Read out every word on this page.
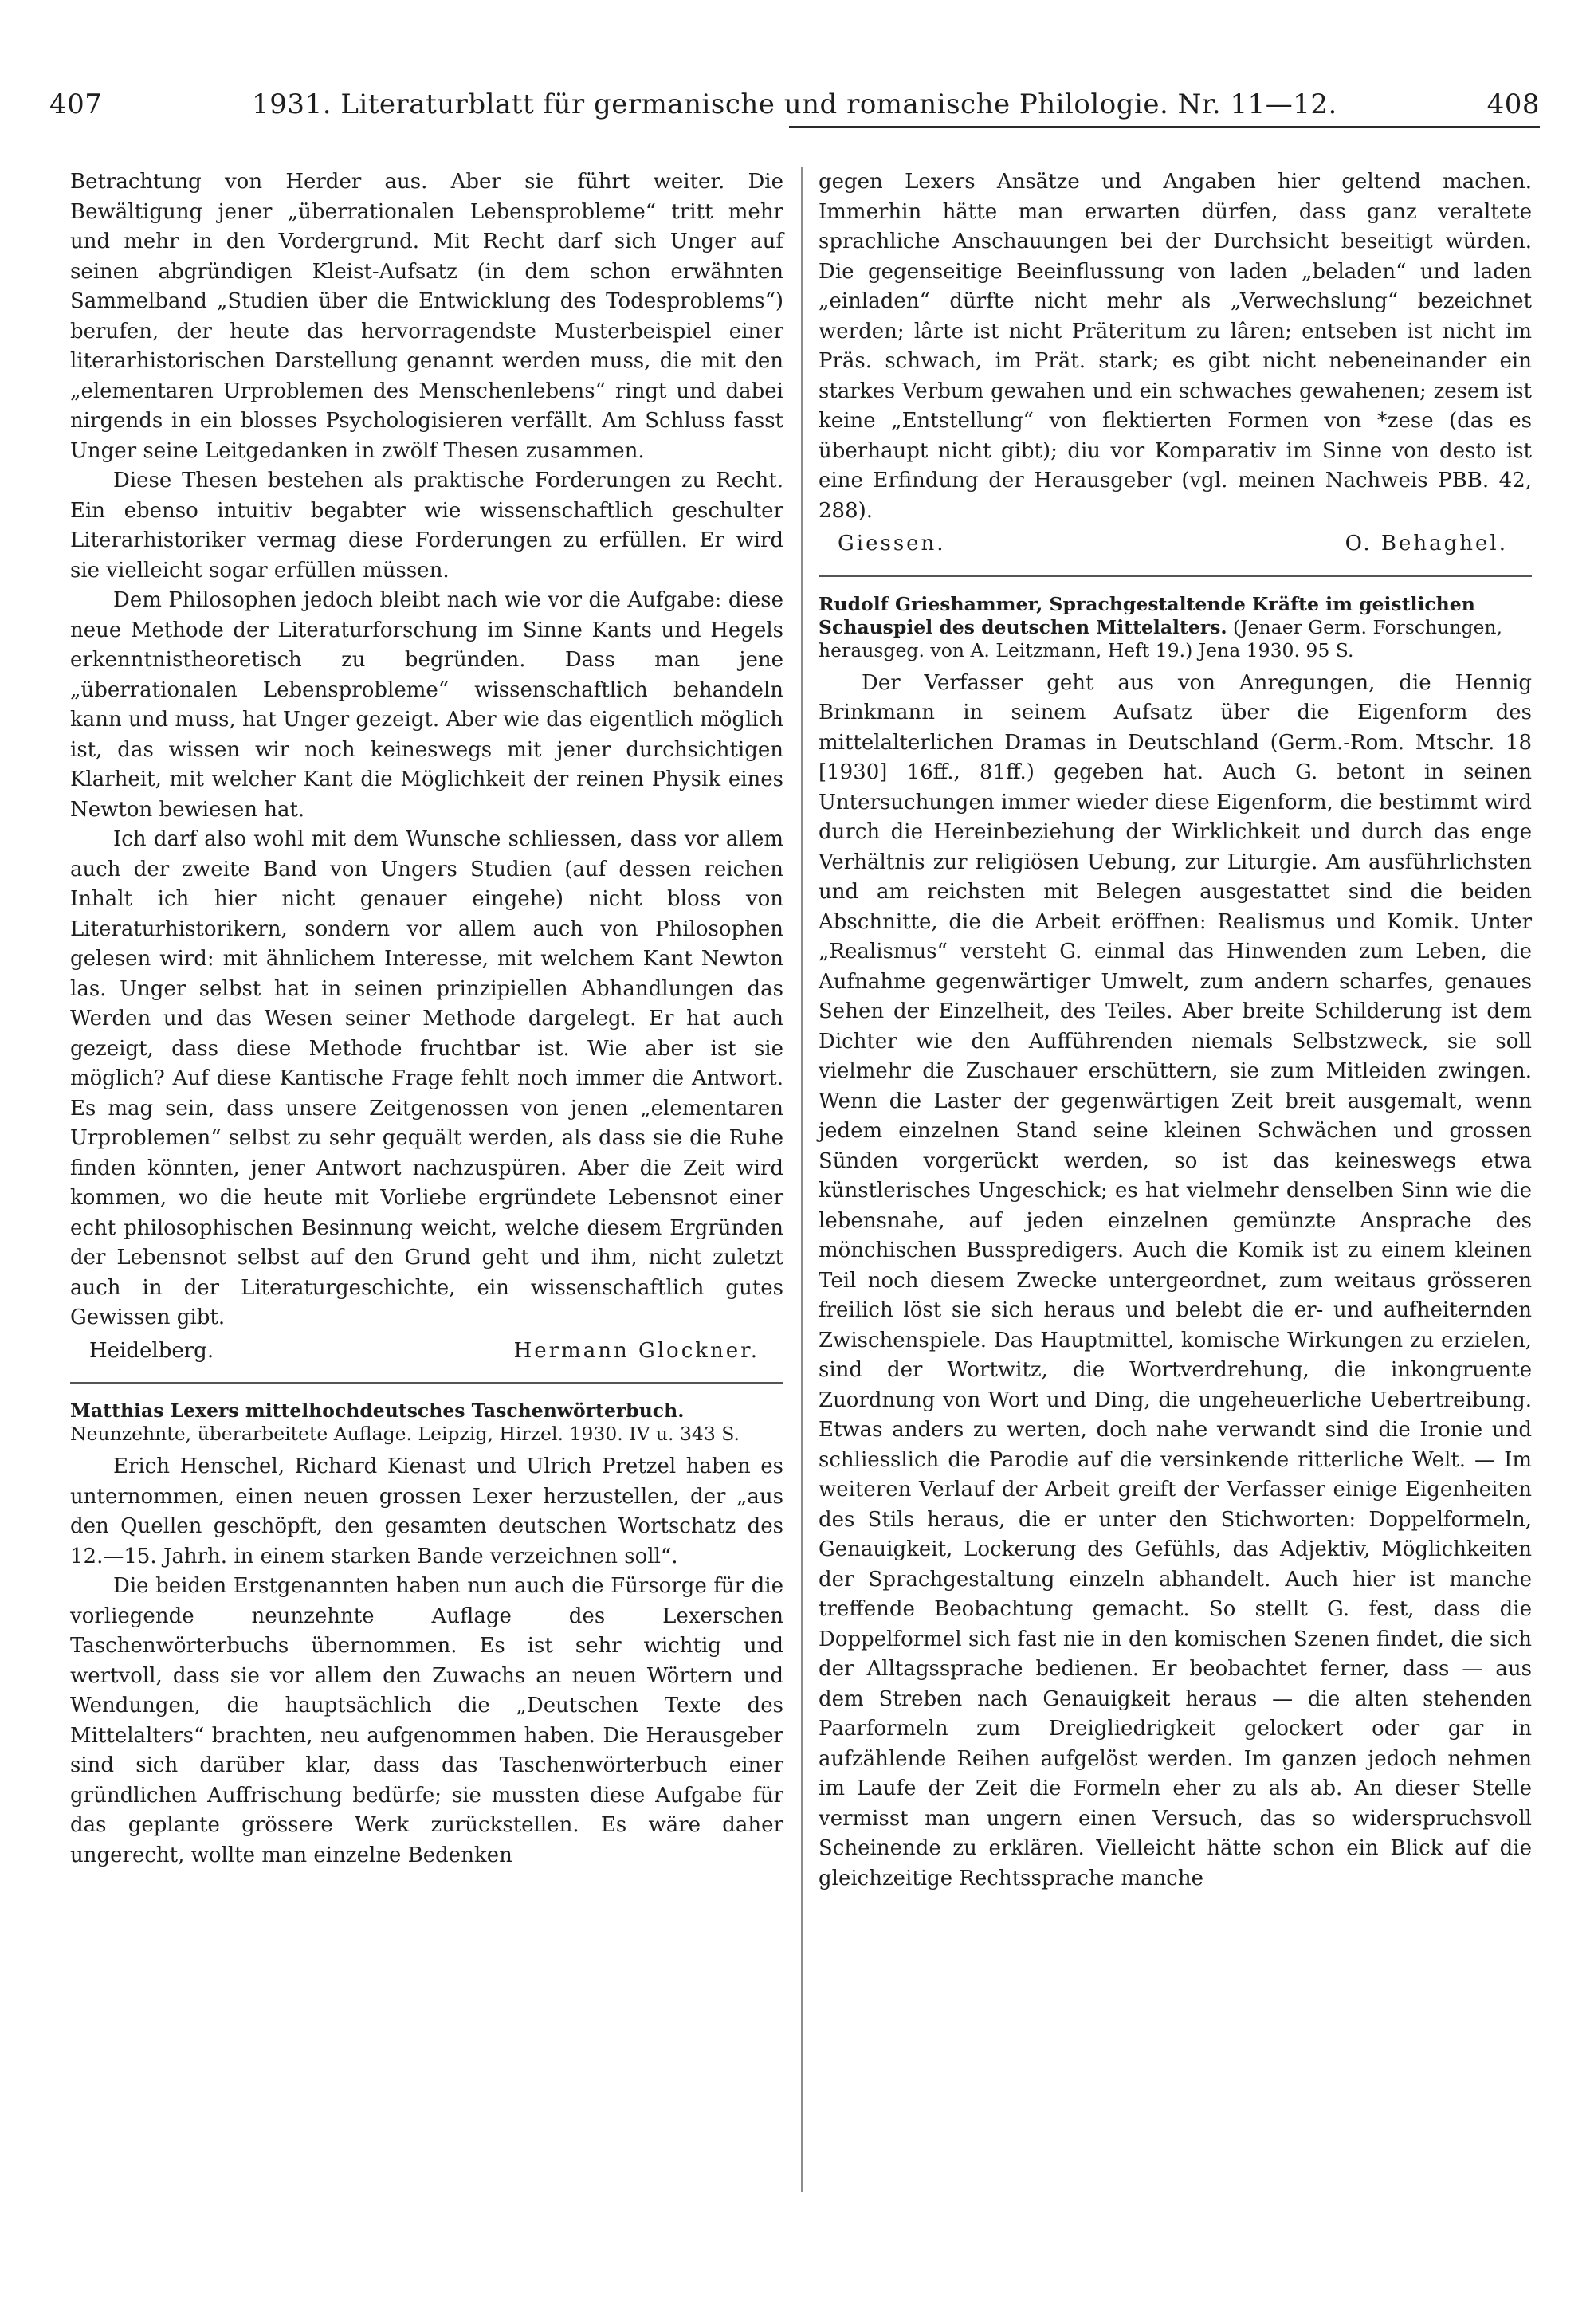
407	1931. Literaturblatt für germanische und romanische Philologie. Nr. 11—12.	408

Betrachtung von Herder aus. Aber sie führt weiter. Die Bewältigung jener „überrationalen Lebensprobleme“ tritt mehr und mehr in den Vordergrund. Mit Recht darf sich Unger auf seinen abgründigen Kleist-Aufsatz (in dem schon erwähnten Sammelband „Studien über die Entwicklung des Todesproblems“) berufen, der heute das hervorragendste Musterbeispiel einer literarhistorischen Darstellung genannt werden muss, die mit den „elementaren Urproblemen des Menschenlebens“ ringt und dabei nirgends in ein blosses Psychologisieren verfällt. Am Schluss fasst Unger seine Leitgedanken in zwölf Thesen zusammen.

Diese Thesen bestehen als praktische Forderungen zu Recht. Ein ebenso intuitiv begabter wie wissenschaftlich geschulter Literarhistoriker vermag diese Forderungen zu erfüllen. Er wird sie vielleicht sogar erfüllen müssen.

Dem Philosophen jedoch bleibt nach wie vor die Aufgabe: diese neue Methode der Literaturforschung im Sinne Kants und Hegels erkenntnistheoretisch zu begründen. Dass man jene „überrationalen Lebensprobleme“ wissenschaftlich behandeln kann und muss, hat Unger gezeigt. Aber wie das eigentlich möglich ist, das wissen wir noch keineswegs mit jener durchsichtigen Klarheit, mit welcher Kant die Möglichkeit der reinen Physik eines Newton bewiesen hat.

Ich darf also wohl mit dem Wunsche schliessen, dass vor allem auch der zweite Band von Ungers Studien (auf dessen reichen Inhalt ich hier nicht genauer eingehe) nicht bloss von Literaturhistorikern, sondern vor allem auch von Philosophen gelesen wird: mit ähnlichem Interesse, mit welchem Kant Newton las. Unger selbst hat in seinen prinzipiellen Abhandlungen das Werden und das Wesen seiner Methode dargelegt. Er hat auch gezeigt, dass diese Methode fruchtbar ist. Wie aber ist sie möglich? Auf diese Kantische Frage fehlt noch immer die Antwort. Es mag sein, dass unsere Zeitgenossen von jenen „elementaren Urproblemen“ selbst zu sehr gequält werden, als dass sie die Ruhe finden könnten, jener Antwort nachzuspüren. Aber die Zeit wird kommen, wo die heute mit Vorliebe ergründete Lebensnot einer echt philosophischen Besinnung weicht, welche diesem Ergründen der Lebensnot selbst auf den Grund geht und ihm, nicht zuletzt auch in der Literaturgeschichte, ein wissenschaftlich gutes Gewissen gibt.

Heidelberg.	Hermann Glockner.
Matthias Lexers mittelhochdeutsches Taschenwörterbuch. Neunzehnte, überarbeitete Auflage. Leipzig, Hirzel. 1930. IV u. 343 S.

Erich Henschel, Richard Kienast und Ulrich Pretzel haben es unternommen, einen neuen grossen Lexer herzustellen, der „aus den Quellen geschöpft, den gesamten deutschen Wortschatz des 12.—15. Jahrh. in einem starken Bande verzeichnen soll“.

Die beiden Erstgenannten haben nun auch die Fürsorge für die vorliegende neunzehnte Auflage des Lexerschen Taschenwörterbuchs übernommen. Es ist sehr wichtig und wertvoll, dass sie vor allem den Zuwachs an neuen Wörtern und Wendungen, die hauptsächlich die „Deutschen Texte des Mittelalters“ brachten, neu aufgenommen haben. Die Herausgeber sind sich darüber klar, dass das Taschenwörterbuch einer gründlichen Auffrischung bedürfe; sie mussten diese Aufgabe für das geplante grössere Werk zurückstellen. Es wäre daher ungerecht, wollte man einzelne Bedenken

gegen Lexers Ansätze und Angaben hier geltend machen. Immerhin hätte man erwarten dürfen, dass ganz veraltete sprachliche Anschauungen bei der Durchsicht beseitigt würden. Die gegenseitige Beeinflussung von laden „beladen“ und laden „einladen“ dürfte nicht mehr als „Verwechslung“ bezeichnet werden; lârte ist nicht Präteritum zu lâren; entseben ist nicht im Präs. schwach, im Prät. stark; es gibt nicht nebeneinander ein starkes Verbum gewahen und ein schwaches gewahenen; zesem ist keine „Entstellung“ von flektierten Formen von *zese (das es überhaupt nicht gibt); diu vor Komparativ im Sinne von desto ist eine Erfindung der Herausgeber (vgl. meinen Nachweis PBB. 42, 288).

Giessen.	O. Behaghel.
Rudolf Grieshammer, Sprachgestaltende Kräfte im geistlichen Schauspiel des deutschen Mittelalters. (Jenaer Germ. Forschungen, herausgeg. von A. Leitzmann, Heft 19.) Jena 1930. 95 S.

Der Verfasser geht aus von Anregungen, die Hennig Brinkmann in seinem Aufsatz über die Eigenform des mittelalterlichen Dramas in Deutschland (Germ.-Rom. Mtschr. 18 [1930] 16ff., 81ff.) gegeben hat. Auch G. betont in seinen Untersuchungen immer wieder diese Eigenform, die bestimmt wird durch die Hereinbeziehung der Wirklichkeit und durch das enge Verhältnis zur religiösen Uebung, zur Liturgie. Am ausführlichsten und am reichsten mit Belegen ausgestattet sind die beiden Abschnitte, die die Arbeit eröffnen: Realismus und Komik. Unter „Realismus“ versteht G. einmal das Hinwenden zum Leben, die Aufnahme gegenwärtiger Umwelt, zum andern scharfes, genaues Sehen der Einzelheit, des Teiles. Aber breite Schilderung ist dem Dichter wie den Aufführenden niemals Selbstzweck, sie soll vielmehr die Zuschauer erschüttern, sie zum Mitleiden zwingen. Wenn die Laster der gegenwärtigen Zeit breit ausgemalt, wenn jedem einzelnen Stand seine kleinen Schwächen und grossen Sünden vorgerückt werden, so ist das keineswegs etwa künstlerisches Ungeschick; es hat vielmehr denselben Sinn wie die lebensnahe, auf jeden einzelnen gemünzte Ansprache des mönchischen Busspredigers. Auch die Komik ist zu einem kleinen Teil noch diesem Zwecke untergeordnet, zum weitaus grösseren freilich löst sie sich heraus und belebt die er- und aufheiternden Zwischenspiele. Das Hauptmittel, komische Wirkungen zu erzielen, sind der Wortwitz, die Wortverdrehung, die inkongruente Zuordnung von Wort und Ding, die ungeheuerliche Uebertreibung. Etwas anders zu werten, doch nahe verwandt sind die Ironie und schliesslich die Parodie auf die versinkende ritterliche Welt. — Im weiteren Verlauf der Arbeit greift der Verfasser einige Eigenheiten des Stils heraus, die er unter den Stichworten: Doppelformeln, Genauigkeit, Lockerung des Gefühls, das Adjektiv, Möglichkeiten der Sprachgestaltung einzeln abhandelt. Auch hier ist manche treffende Beobachtung gemacht. So stellt G. fest, dass die Doppelformel sich fast nie in den komischen Szenen findet, die sich der Alltagssprache bedienen. Er beobachtet ferner, dass — aus dem Streben nach Genauigkeit heraus — die alten stehenden Paarformeln zum Dreigliedrigkeit gelockert oder gar in aufzählende Reihen aufgelöst werden. Im ganzen jedoch nehmen im Laufe der Zeit die Formeln eher zu als ab. An dieser Stelle vermisst man ungern einen Versuch, das so widerspruchsvoll Scheinende zu erklären. Vielleicht hätte schon ein Blick auf die gleichzeitige Rechtssprache manche
